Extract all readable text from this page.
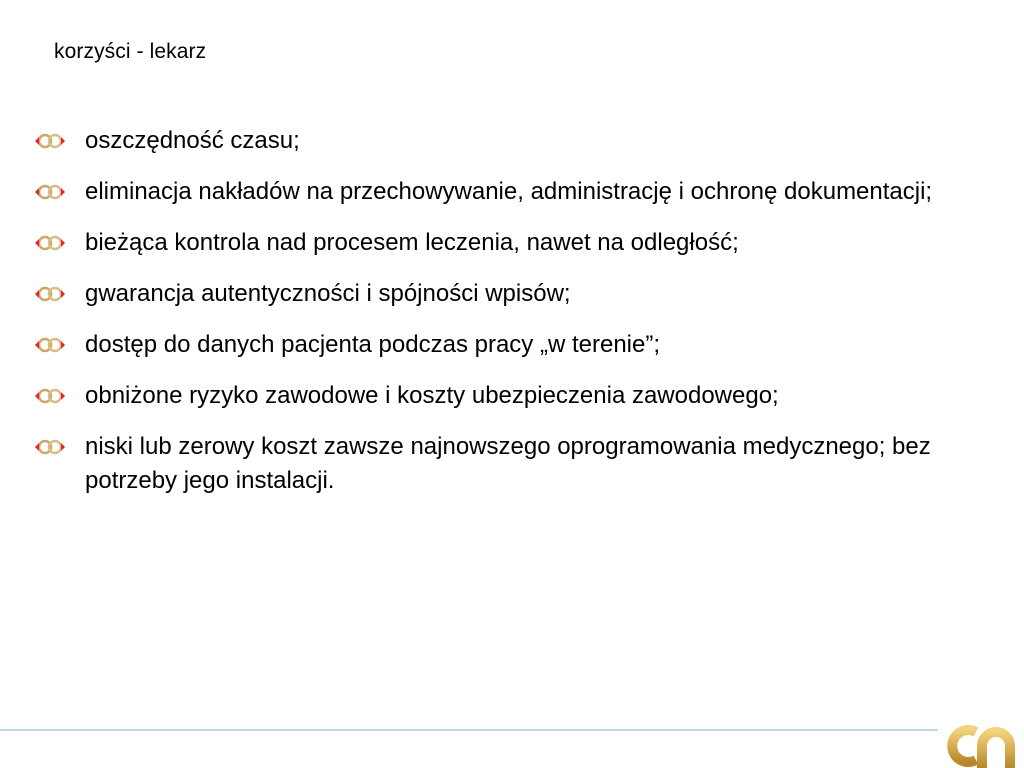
korzyści - lekarz
oszczędność czasu;
eliminacja nakładów na przechowywanie, administrację i ochronę dokumentacji;
bieżąca kontrola nad procesem leczenia, nawet na odległość;
gwarancja autentyczności i spójności wpisów;
dostęp do danych pacjenta podczas pracy „w terenie”;
obniżone ryzyko zawodowe i koszty ubezpieczenia zawodowego;
niski lub zerowy koszt zawsze najnowszego oprogramowania medycznego; bez potrzeby jego instalacji.
